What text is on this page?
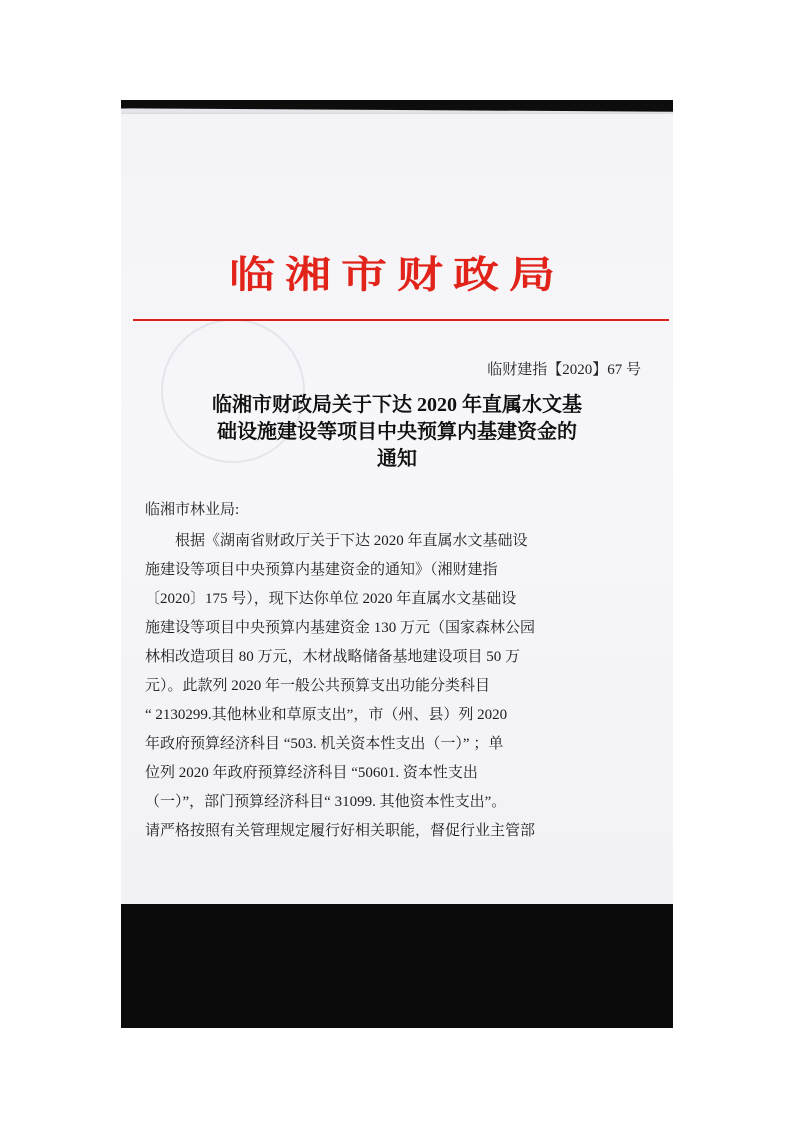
临湘市财政局
临财建指【2020】67 号
临湘市财政局关于下达 2020 年直属水文基
础设施建设等项目中央预算内基建资金的
通知
临湘市林业局:
根据《湖南省财政厅关于下达 2020 年直属水文基础设
施建设等项目中央预算内基建资金的通知》（湘财建指
〔2020〕175 号），现下达你单位 2020 年直属水文基础设
施建设等项目中央预算内基建资金 130 万元（国家森林公园
林相改造项目 80 万元，木材战略储备基地建设项目 50 万
元）。此款列 2020 年一般公共预算支出功能分类科目
“ 2130299.其他林业和草原支出”，市（州、县）列 2020
年政府预算经济科目 “503. 机关资本性支出（一）” ；单
位列 2020 年政府预算经济科目 “50601. 资本性支出
（一）”，部门预算经济科目“ 31099. 其他资本性支出”。
请严格按照有关管理规定履行好相关职能，督促行业主管部
